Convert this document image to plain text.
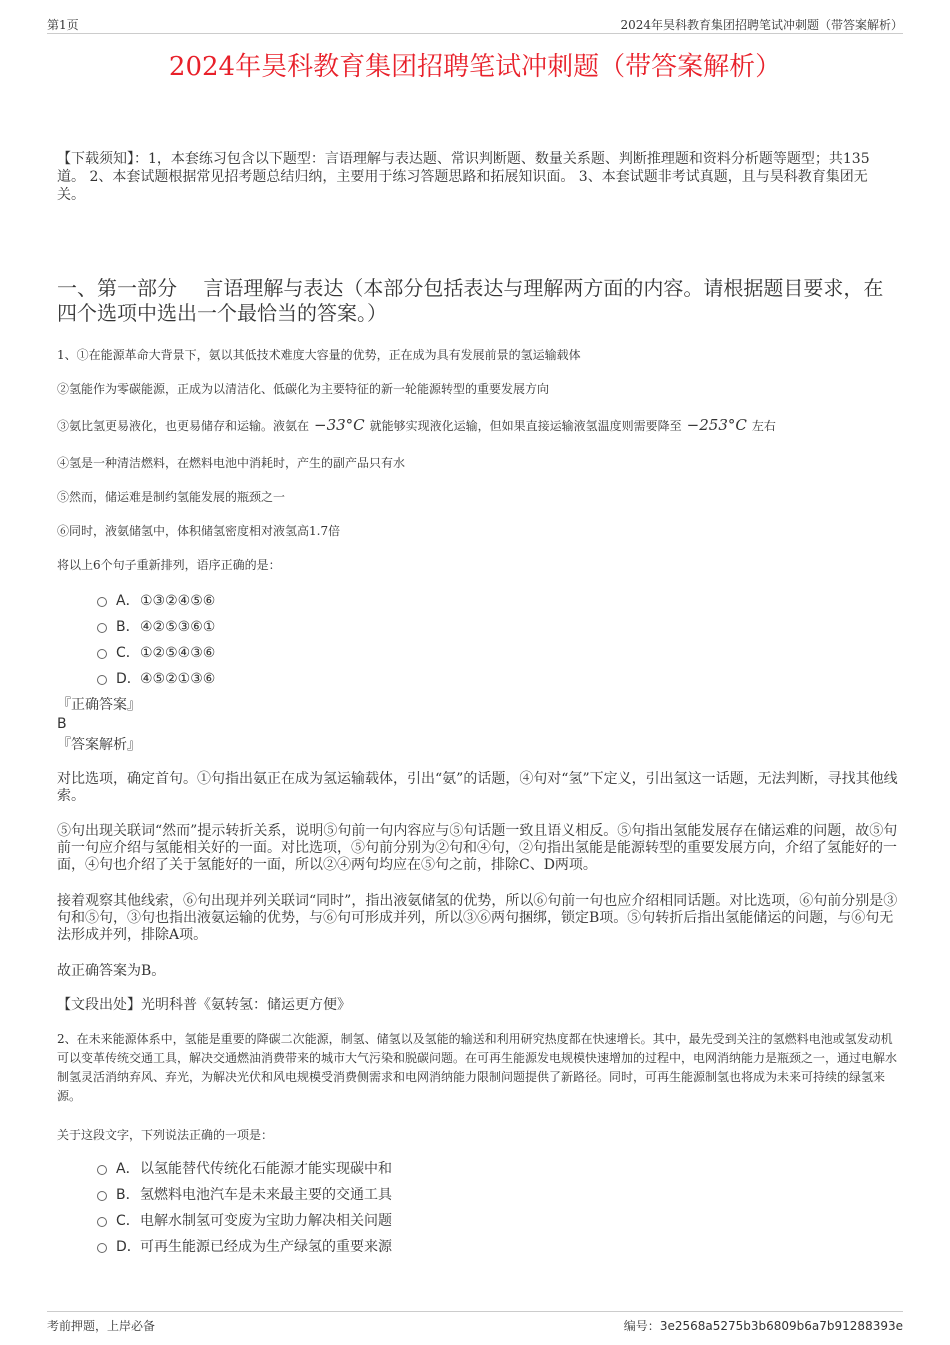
第1页	2024年昊科教育集团招聘笔试冲刺题（带答案解析）
2024年昊科教育集团招聘笔试冲刺题（带答案解析）
【下载须知】：1，本套练习包含以下题型：言语理解与表达题、常识判断题、数量关系题、判断推理题和资料分析题等题型；共135道。 2、本套试题根据常见招考题总结归纳，主要用于练习答题思路和拓展知识面。 3、本套试题非考试真题，且与昊科教育集团无关。
一、第一部分　 言语理解与表达（本部分包括表达与理解两方面的内容。请根据题目要求，在四个选项中选出一个最恰当的答案。）
1、①在能源革命大背景下，氨以其低技术难度大容量的优势，正在成为具有发展前景的氢运输载体
②氢能作为零碳能源，正成为以清洁化、低碳化为主要特征的新一轮能源转型的重要发展方向
③氨比氢更易液化，也更易储存和运输。液氨在 −33°C 就能够实现液化运输，但如果直接运输液氢温度则需要降至 −253°C 左右
④氢是一种清洁燃料，在燃料电池中消耗时，产生的副产品只有水
⑤然而，储运难是制约氢能发展的瓶颈之一
⑥同时，液氨储氢中，体积储氢密度相对液氢高1.7倍
将以上6个句子重新排列，语序正确的是：
A．①③②④⑤⑥
B．④②⑤③⑥①
C．①②⑤④③⑥
D．④⑤②①③⑥
『正确答案』
B
『答案解析』
对比选项，确定首句。①句指出氨正在成为氢运输载体，引出“氨”的话题，④句对“氢”下定义，引出氢这一话题，无法判断，寻找其他线索。
⑤句出现关联词“然而”提示转折关系，说明⑤句前一句内容应与⑤句话题一致且语义相反。⑤句指出氢能发展存在储运难的问题，故⑤句前一句应介绍与氢能相关好的一面。对比选项，⑤句前分别为②句和④句，②句指出氢能是能源转型的重要发展方向，介绍了氢能好的一面，④句也介绍了关于氢能好的一面，所以②④两句均应在⑤句之前，排除C、D两项。
接着观察其他线索，⑥句出现并列关联词“同时”，指出液氨储氢的优势，所以⑥句前一句也应介绍相同话题。对比选项，⑥句前分别是③句和⑤句，③句也指出液氨运输的优势，与⑥句可形成并列，所以③⑥两句捆绑，锁定B项。⑤句转折后指出氢能储运的问题，与⑥句无法形成并列，排除A项。
故正确答案为B。
【文段出处】光明科普《氨转氢：储运更方便》
2、在未来能源体系中，氢能是重要的降碳二次能源，制氢、储氢以及氢能的输送和利用研究热度都在快速增长。其中，最先受到关注的氢燃料电池或氢发动机可以变革传统交通工具，解决交通燃油消费带来的城市大气污染和脱碳问题。在可再生能源发电规模快速增加的过程中，电网消纳能力是瓶颈之一，通过电解水制氢灵活消纳弃风、弃光，为解决光伏和风电规模受消费侧需求和电网消纳能力限制问题提供了新路径。同时，可再生能源制氢也将成为未来可持续的绿氢来源。
关于这段文字，下列说法正确的一项是：
A．以氢能替代传统化石能源才能实现碳中和
B．氢燃料电池汽车是未来最主要的交通工具
C．电解水制氢可变废为宝助力解决相关问题
D．可再生能源已经成为生产绿氢的重要来源
考前押题，上岸必备	编号：3e2568a5275b3b6809b6a7b91288393e
